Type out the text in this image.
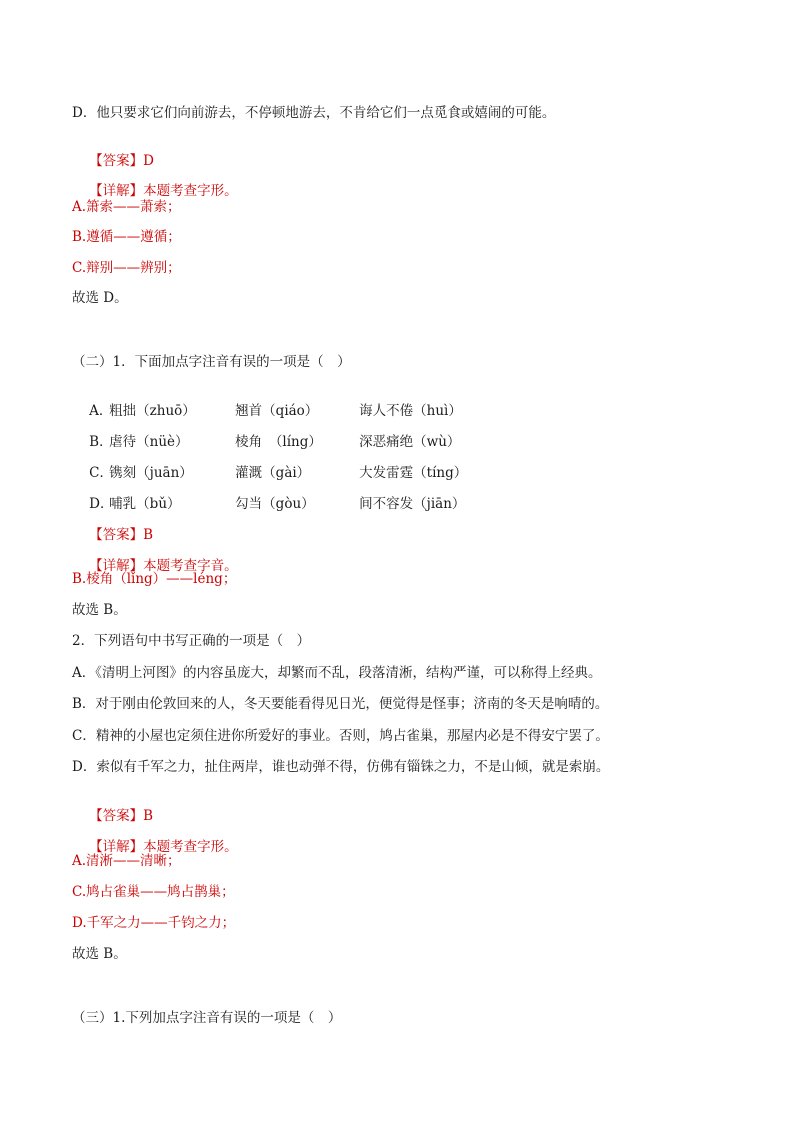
D．他只要求它们向前游去，不停顿地游去，不肯给它们一点觅食或嬉闹的可能。

【答案】D

【详解】本题考查字形。

A.箫索——萧索；
B.遵循——遵循；
C.辩别——辨别；
故选 D。
（二）1．下面加点字注音有误的一项是（　）

A．粗拙（zhuō）	翘首（qiáo）	诲人不倦（huì）

B．虐待（nüè）	棱角　（líng）	深恶痛绝（wù）

C．镌刻（juān）	灌溉（gài）	大发雷霆（tíng）

D．哺乳（bǔ）	勾当（gòu）	间不容发（jiān）

【答案】B

【详解】本题考查字音。

B.棱角（lǐng）——léng；
故选 B。
2．下列语句中书写正确的一项是（　）
A．《清明上河图》的内容虽庞大，却繁而不乱，段落清淅，结构严谨，可以称得上经典。
B．对于刚由伦敦回来的人，冬天要能看得见日光，便觉得是怪事；济南的冬天是响晴的。
C．精神的小屋也定须住进你所爱好的事业。否则，鸠占雀巢，那屋内必是不得安宁罢了。
D．索似有千军之力，扯住两岸，谁也动弹不得，仿佛有锱铢之力，不是山倾，就是索崩。

【答案】B

【详解】本题考查字形。

A.清淅——清晰；
C.鸠占雀巢——鸠占鹊巢；
D.千军之力——千钧之力；
故选 B。
（三）1.下列加点字注音有误的一项是（　）
